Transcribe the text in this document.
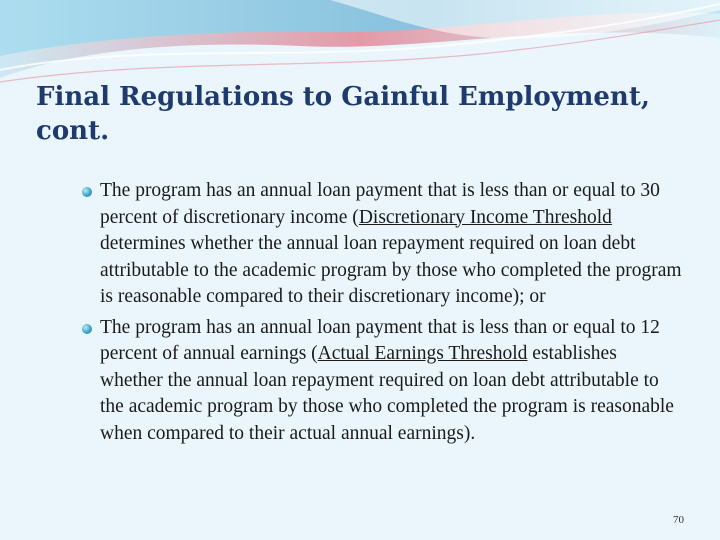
Final Regulations to Gainful Employment, cont.
The program has an annual loan payment that is less than or equal to 30 percent of discretionary income (Discretionary Income Threshold determines whether the annual loan repayment required on loan debt attributable to the academic program by those who completed the program is reasonable compared to their discretionary income); or
The program has an annual loan payment that is less than or equal to 12 percent of annual earnings (Actual Earnings Threshold establishes whether the annual loan repayment required on loan debt attributable to the academic program by those who completed the program is reasonable when compared to their actual annual earnings).
70
